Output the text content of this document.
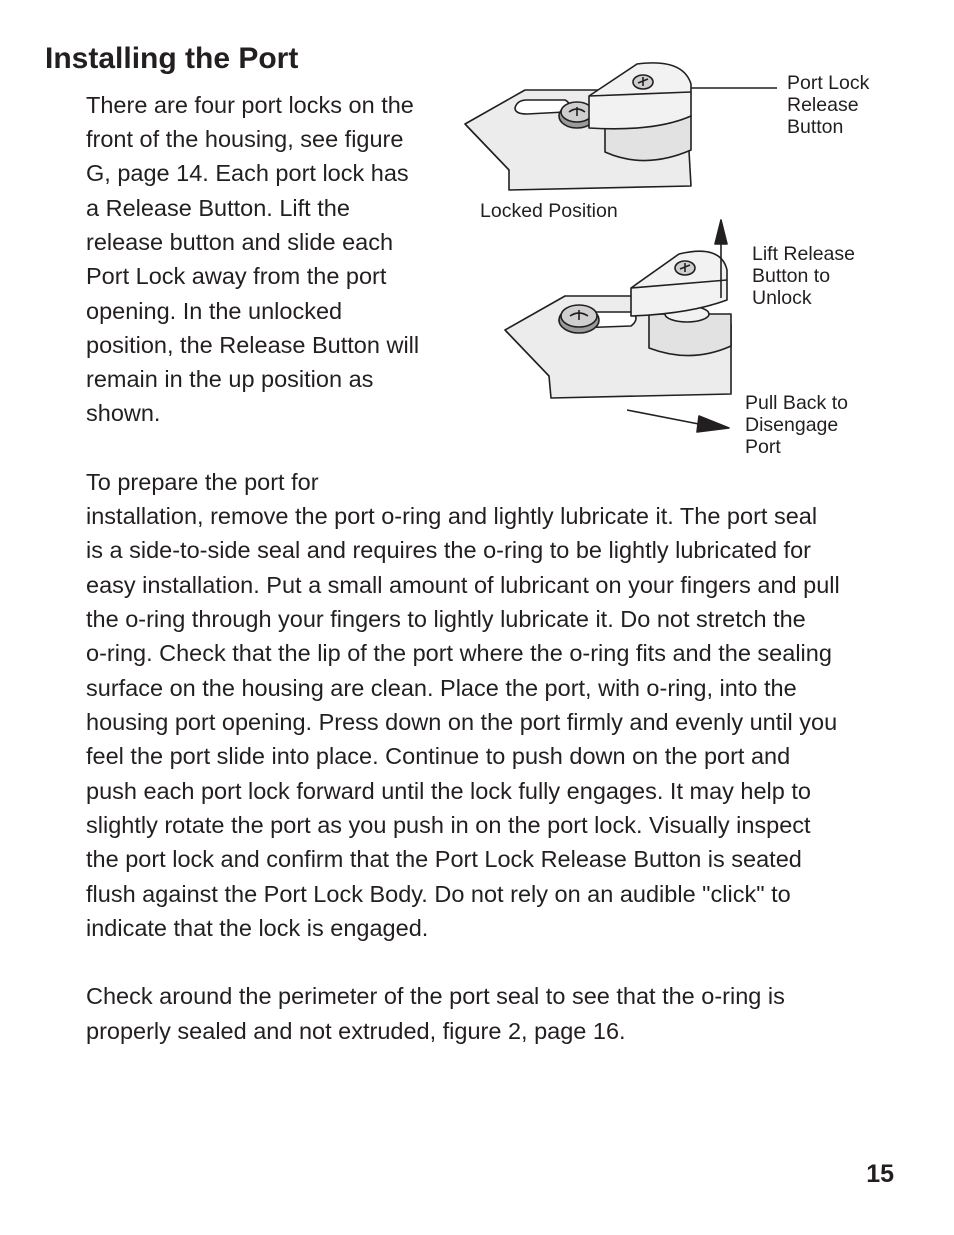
Installing the Port
There are four port locks on the
front of the housing, see figure
G, page 14. Each port lock has
a Release Button. Lift the
release button and slide each
Port Lock away from the port
opening. In the unlocked
position, the Release Button will
remain in the up position as
shown.
To prepare the port for
installation, remove the port o-ring and lightly lubricate it. The port seal
is a side-to-side seal and requires the o-ring to be lightly lubricated for
easy installation. Put a small amount of lubricant on your fingers and pull
the o-ring through your fingers to lightly lubricate it. Do not stretch the
o-ring. Check that the lip of the port where the o-ring fits and the sealing
surface on the housing are clean. Place the port, with o-ring, into the
housing port opening. Press down on the port firmly and evenly until you
feel the port slide into place. Continue to push down on the port and
push each port lock forward until the lock fully engages. It may help to
slightly rotate the port as you push in on the port lock. Visually inspect
the port lock and confirm that the Port Lock Release Button is seated
flush against the Port Lock Body. Do not rely on an audible "click" to
indicate that the lock is engaged.
Check around the perimeter of the port seal to see that the o-ring is
properly sealed and not extruded, figure 2, page 16.
Port Lock
Release
Button
Locked Position
Lift Release
Button to
Unlock
Pull Back to
Disengage
Port
15
